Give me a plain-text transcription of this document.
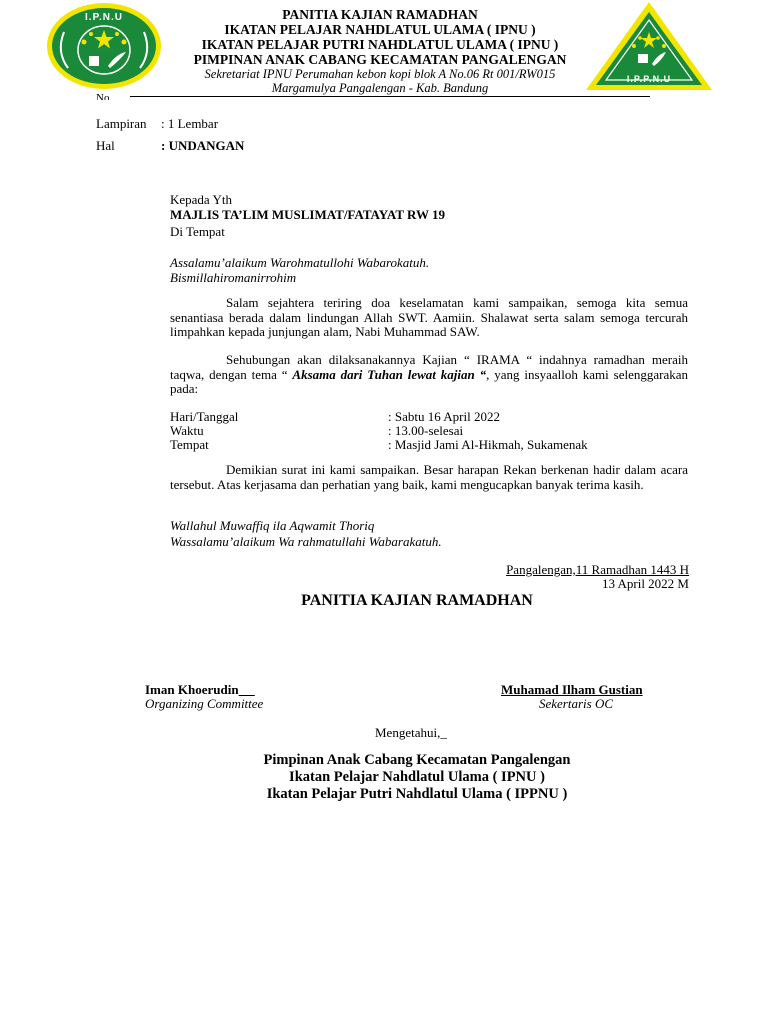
I.P.N.U
I.P.P.N.U
PANITIA KAJIAN RAMADHAN
IKATAN PELAJAR NAHDLATUL ULAMA ( IPNU )
IKATAN PELAJAR PUTRI NAHDLATUL ULAMA ( IPNU )
PIMPINAN ANAK CABANG KECAMATAN PANGALENGAN
Sekretariat IPNU Perumahan kebon kopi blok A No.06 Rt 001/RW015
Margamulya Pangalengan - Kab. Bandung
No
Lampiran : 1 Lembar
Hal	: UNDANGAN
Kepada Yth
MAJLIS TA’LIM MUSLIMAT/FATAYAT RW 19
Di Tempat
Assalamu’alaikum Warohmatullohi Wabarokatuh.
Bismillahiromanirrohim
Salam sejahtera teriring doa keselamatan kami sampaikan, semoga kita semua senantiasa berada dalam lindungan Allah SWT. Aamiin. Shalawat serta salam semoga tercurah limpahkan kepada junjungan alam, Nabi Muhammad SAW.
Sehubungan akan dilaksanakannya Kajian “ IRAMA “ indahnya ramadhan meraih taqwa, dengan tema “ Aksama dari Tuhan lewat kajian “, yang insyaalloh kami selenggarakan pada:
Hari/Tanggal	: Sabtu 16 April 2022
Waktu	: 13.00-selesai
Tempat	: Masjid Jami Al-Hikmah, Sukamenak
Demikian surat ini kami sampaikan. Besar harapan Rekan berkenan hadir dalam acara tersebut. Atas kerjasama dan perhatian yang baik, kami mengucapkan banyak terima kasih.
Wallahul Muwaffiq ila Aqwamit Thoriq
Wassalamu’alaikum Wa rahmatullahi Wabarakatuh.
Pangalengan,11 Ramadhan 1443 H
13 April 2022 M
PANITIA KAJIAN RAMADHAN
Iman Khoerudin
Organizing Committee
Muhamad Ilham Gustian
Sekertaris OC
Mengetahui,_
Pimpinan Anak Cabang Kecamatan Pangalengan
Ikatan Pelajar Nahdlatul Ulama ( IPNU )
Ikatan Pelajar Putri Nahdlatul Ulama ( IPPNU )
